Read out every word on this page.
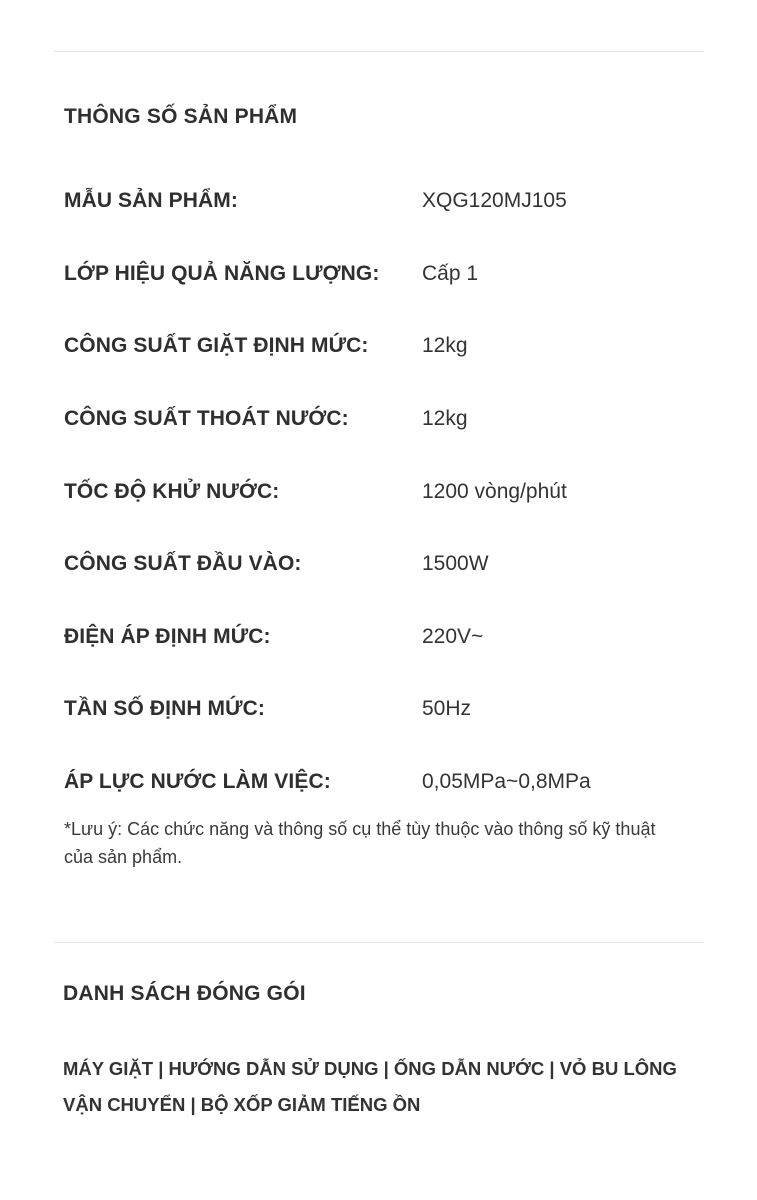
THÔNG SỐ SẢN PHẨM
MẪU SẢN PHẨM:	XQG120MJ105
LỚP HIỆU QUẢ NĂNG LƯỢNG:	Cấp 1
CÔNG SUẤT GIẶT ĐỊNH MỨC:	12kg
CÔNG SUẤT THOÁT NƯỚC:	12kg
TỐC ĐỘ KHỬ NƯỚC:	1200 vòng/phút
CÔNG SUẤT ĐẦU VÀO:	1500W
ĐIỆN ÁP ĐỊNH MỨC:	220V~
TẦN SỐ ĐỊNH MỨC:	50Hz
ÁP LỰC NƯỚC LÀM VIỆC:	0,05MPa~0,8MPa
*Lưu ý: Các chức năng và thông số cụ thể tùy thuộc vào thông số kỹ thuật của sản phẩm.
DANH SÁCH ĐÓNG GÓI
MÁY GIẶT | HƯỚNG DẪN SỬ DỤNG | ỐNG DẪN NƯỚC | VỎ BU LÔNG VẬN CHUYỂN | BỘ XỐP GIẢM TIẾNG ỒN
